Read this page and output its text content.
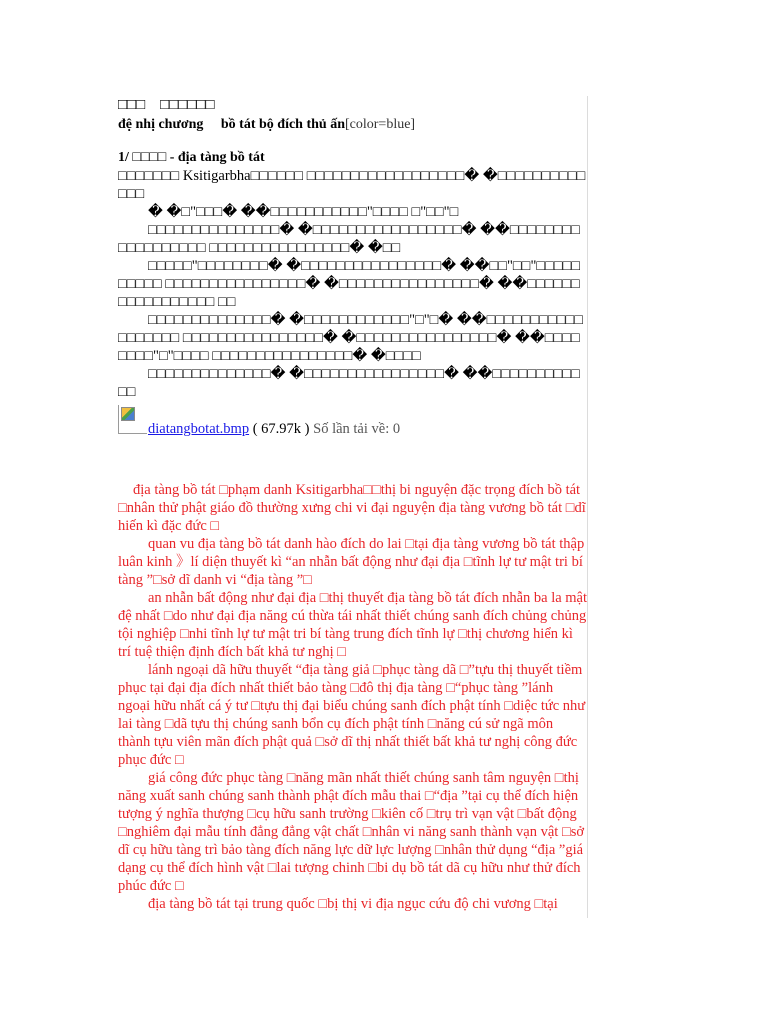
□□□　□□□□□□
đệ nhị chương　 bồ tát bộ đích thủ ấn[color=blue]
1/ □□□□ - địa tàng bồ tát

□□□□□□□ Ksitigarbha□□□□□□ □□□□□□□□□□□□□□□□□□� �□□□□□□□□□□□□□

� �□"□□□� ��□□□□□□□□□□□"□□□□ □"□□"□

□□□□□□□□□□□□□□□� �□□□□□□□□□□□□□□□□□� ��□□□□□□□□□□□□□□□□□□ □□□□□□□□□□□□□□□□� �□□

□□□□□"□□□□□□□□� �□□□□□□□□□□□□□□□□� ��□□"□□"□□□□□□□□□□ □□□□□□□□□□□□□□□□� �□□□□□□□□□□□□□□□□� ��□□□□□□□□□□□□□□□□□ □□

□□□□□□□□□□□□□□� �□□□□□□□□□□□□"□"□� ��□□□□□□□□□□□□□□□□□□ □□□□□□□□□□□□□□□□� �□□□□□□□□□□□□□□□□� ��□□□□□□□□"□"□□□□ □□□□□□□□□□□□□□□□� �□□□□

□□□□□□□□□□□□□□� �□□□□□□□□□□□□□□□□� ��□□□□□□□□□□□□

diatangbotat.bmp ( 67.97k ) Số lần tải về: 0

địa tàng bồ tát □phạm danh Ksitigarbha□□thị bi nguyện đặc trọng đích bồ tát □nhân thử phật giáo đồ thường xưng chi vi đại nguyện địa tàng vương bồ tát □dĩ hiến kì đặc đức □

quan vu địa tàng bồ tát danh hào đích do lai □tại địa tàng vương bồ tát thập luân kinh 》lí diện thuyết kì “an nhẫn bất động như đại địa □tĩnh lự tư mật tri bí tàng ”□sở dĩ danh vi “địa tàng ”□

an nhẫn bất động như đại địa □thị thuyết địa tàng bồ tát đích nhẫn ba la mật đệ nhất □do như đại địa năng cú thừa tái nhất thiết chúng sanh đích chủng chủng tội nghiệp □nhi tĩnh lự tư mật tri bí tàng trung đích tĩnh lự □thị chương hiển kì trí tuệ thiện định đích bất khả tư nghị □

lánh ngoại dã hữu thuyết “địa tàng giả □phục tàng dã □”tựu thị thuyết tiềm phục tại đại địa đích nhất thiết bảo tàng □đô thị địa tàng □“phục tàng ”lánh ngoại hữu nhất cá ý tư □tựu thị đại biểu chúng sanh đích phật tính □diệc tức như lai tàng □dã tựu thị chúng sanh bổn cụ đích phật tính □năng cú sử ngã môn thành tựu viên mãn đích phật quả □sở dĩ thị nhất thiết bất khả tư nghị công đức phục đức □

giá công đức phục tàng □năng mãn nhất thiết chúng sanh tâm nguyện □thị năng xuất sanh chúng sanh thành phật đích mẫu thai □“địa ”tại cụ thể đích hiện tượng ý nghĩa thượng □cụ hữu sanh trường □kiên cố □trụ trì vạn vật □bất động □nghiêm đại mẫu tính đẳng đẳng vật chất □nhân vi năng sanh thành vạn vật □sở dĩ cụ hữu tàng trì bảo tàng đích năng lực dữ lực lượng □nhân thử dụng “địa ”giá dạng cụ thể đích hình vật □lai tượng chinh □bi dụ bồ tát dã cụ hữu như thử đích phúc đức □

địa tàng bồ tát tại trung quốc □bị thị vi địa ngục cứu độ chi vương □tại
